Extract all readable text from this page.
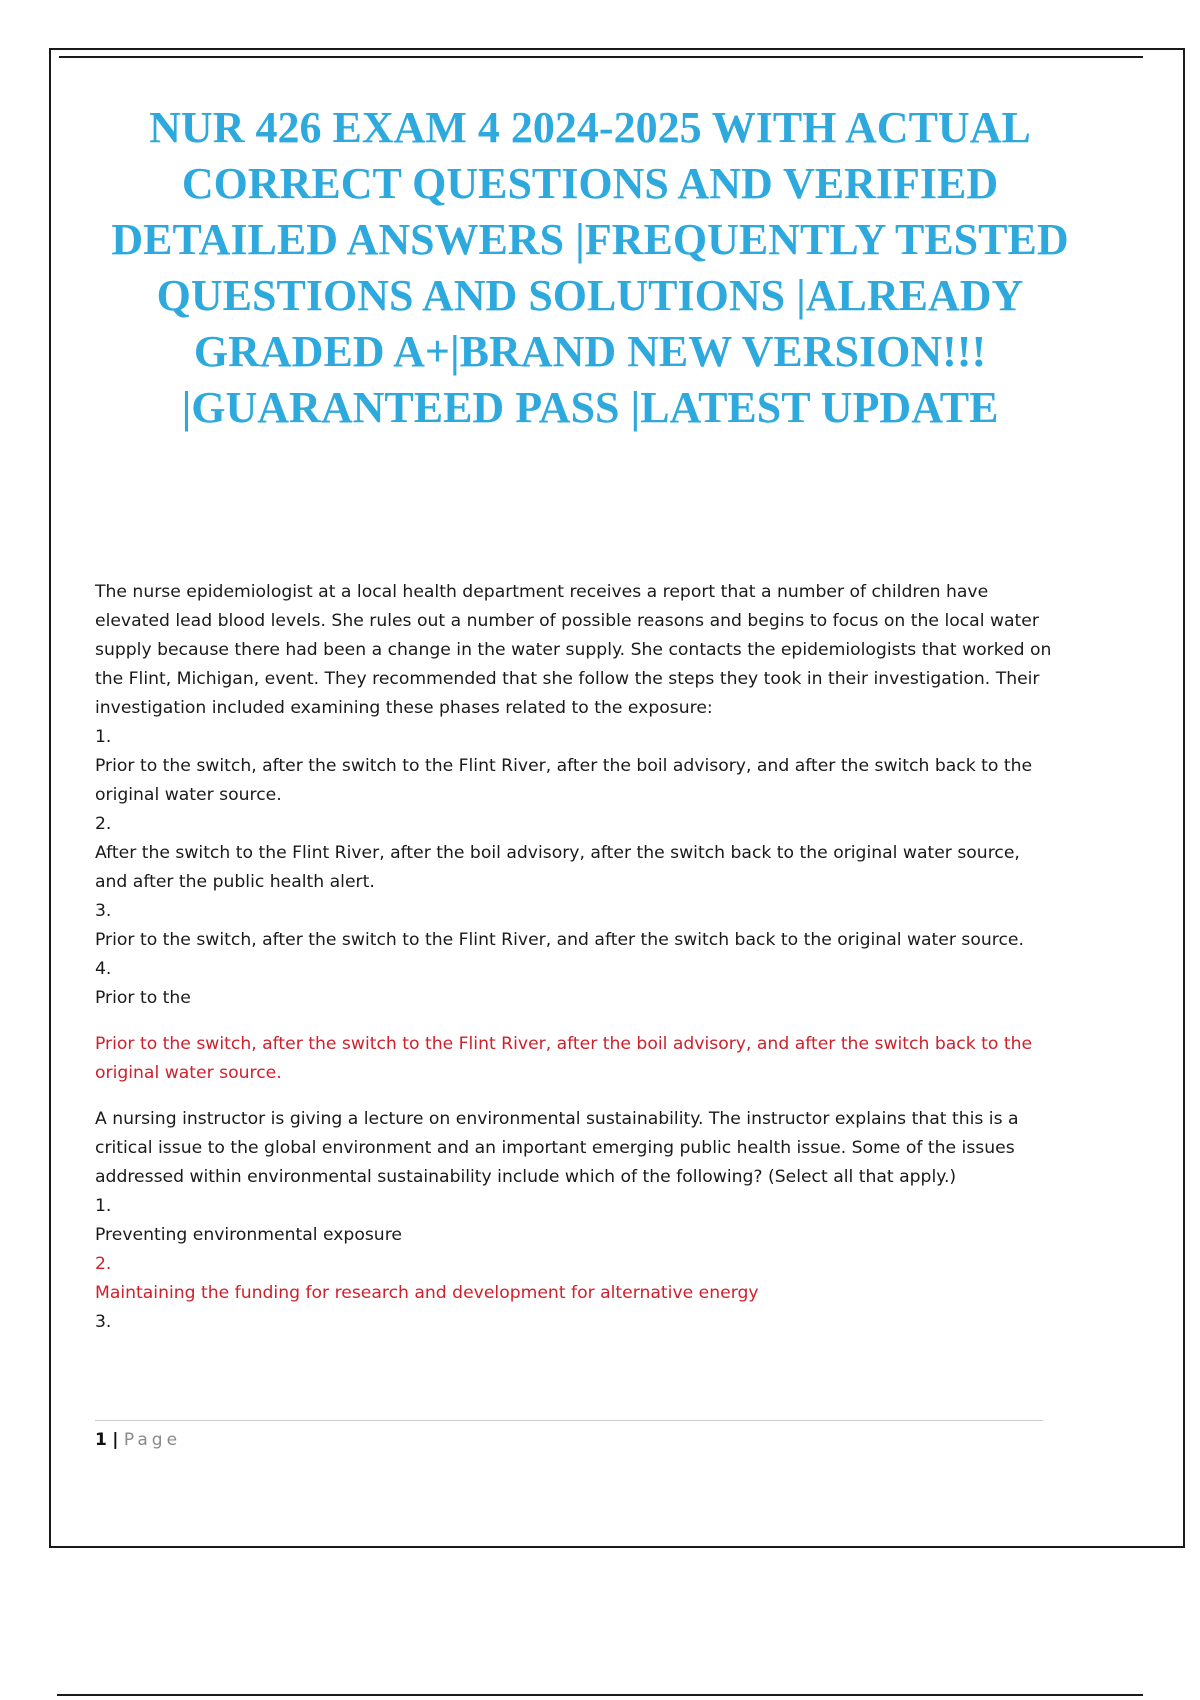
NUR 426 EXAM 4 2024-2025 WITH ACTUAL CORRECT QUESTIONS AND VERIFIED DETAILED ANSWERS |FREQUENTLY TESTED QUESTIONS AND SOLUTIONS |ALREADY GRADED A+|BRAND NEW VERSION!!! |GUARANTEED PASS |LATEST UPDATE

The nurse epidemiologist at a local health department receives a report that a number of children have elevated lead blood levels. She rules out a number of possible reasons and begins to focus on the local water supply because there had been a change in the water supply. She contacts the epidemiologists that worked on the Flint, Michigan, event. They recommended that she follow the steps they took in their investigation. Their investigation included examining these phases related to the exposure:

1.

Prior to the switch, after the switch to the Flint River, after the boil advisory, and after the switch back to the original water source.

2.

After the switch to the Flint River, after the boil advisory, after the switch back to the original water source, and after the public health alert.

3.

Prior to the switch, after the switch to the Flint River, and after the switch back to the original water source.

4.

Prior to the

Prior to the switch, after the switch to the Flint River, after the boil advisory, and after the switch back to the original water source.

A nursing instructor is giving a lecture on environmental sustainability. The instructor explains that this is a critical issue to the global environment and an important emerging public health issue. Some of the issues addressed within environmental sustainability include which of the following? (Select all that apply.)

1.

Preventing environmental exposure

2.

Maintaining the funding for research and development for alternative energy

3.

1 | Page
